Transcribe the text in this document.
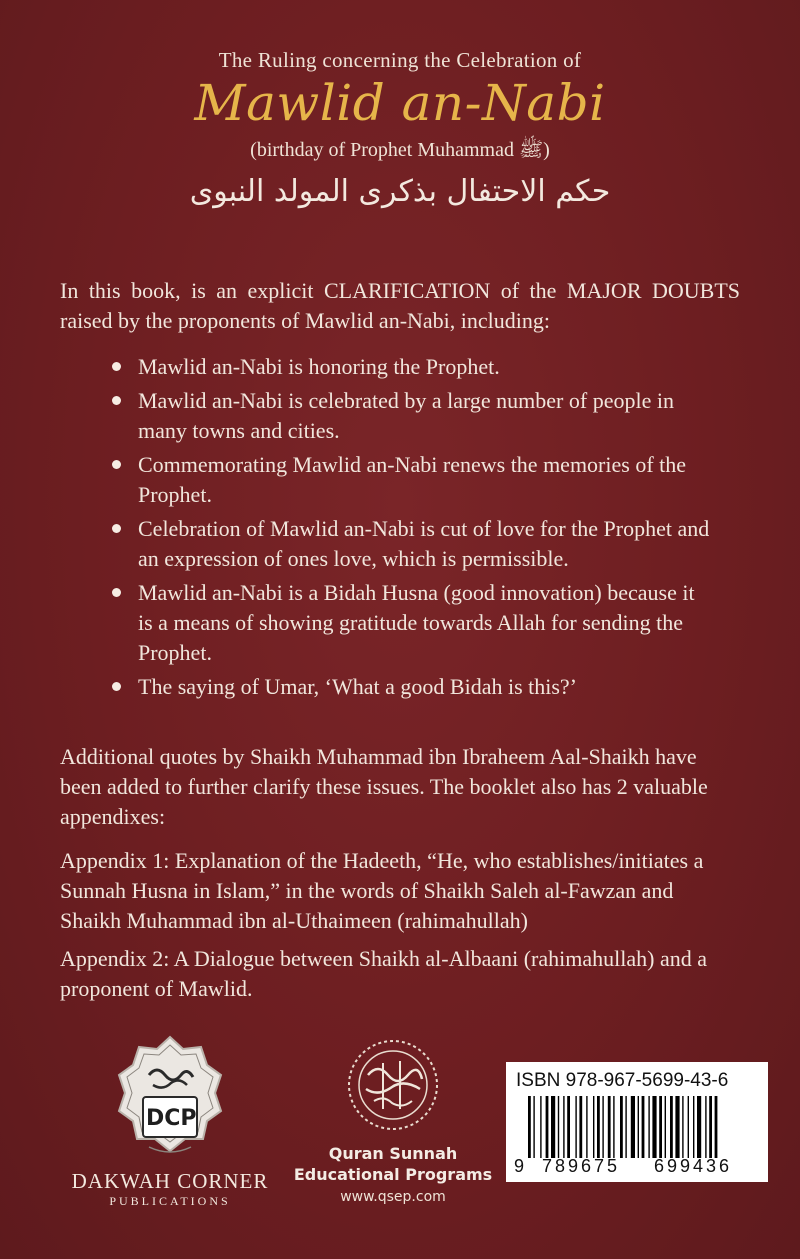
The Ruling concerning the Celebration of
Mawlid an-Nabi
(birthday of Prophet Muhammad ﷺ)
حكم الاحتفال بذكرى المولد النبوى
In this book, is an explicit CLARIFICATION of the MAJOR DOUBTS raised by the proponents of Mawlid an-Nabi, including:
Mawlid an-Nabi is honoring the Prophet.
Mawlid an-Nabi is celebrated by a large number of people in many towns and cities.
Commemorating Mawlid an-Nabi renews the memories of the Prophet.
Celebration of Mawlid an-Nabi is cut of love for the Prophet and an expression of ones love, which is permissible.
Mawlid an-Nabi is a Bidah Husna (good innovation) because it is a means of showing gratitude towards Allah for sending the Prophet.
The saying of Umar, ‘What a good Bidah is this?’
Additional quotes by Shaikh Muhammad ibn Ibraheem Aal-Shaikh have been added to further clarify these issues. The booklet also has 2 valuable appendixes:
Appendix 1: Explanation of the Hadeeth, “He, who establishes/initiates a Sunnah Husna in Islam,” in the words of Shaikh Saleh al-Fawzan and Shaikh Muhammad ibn al-Uthaimeen (rahimahullah)
Appendix 2: A Dialogue between Shaikh al-Albaani (rahimahullah) and a proponent of Mawlid.
DCP
DAKWAH CORNER
PUBLICATIONS
Quran Sunnah
Educational Programs
www.qsep.com
ISBN 978-967-5699-43-6
9 789675 699436
